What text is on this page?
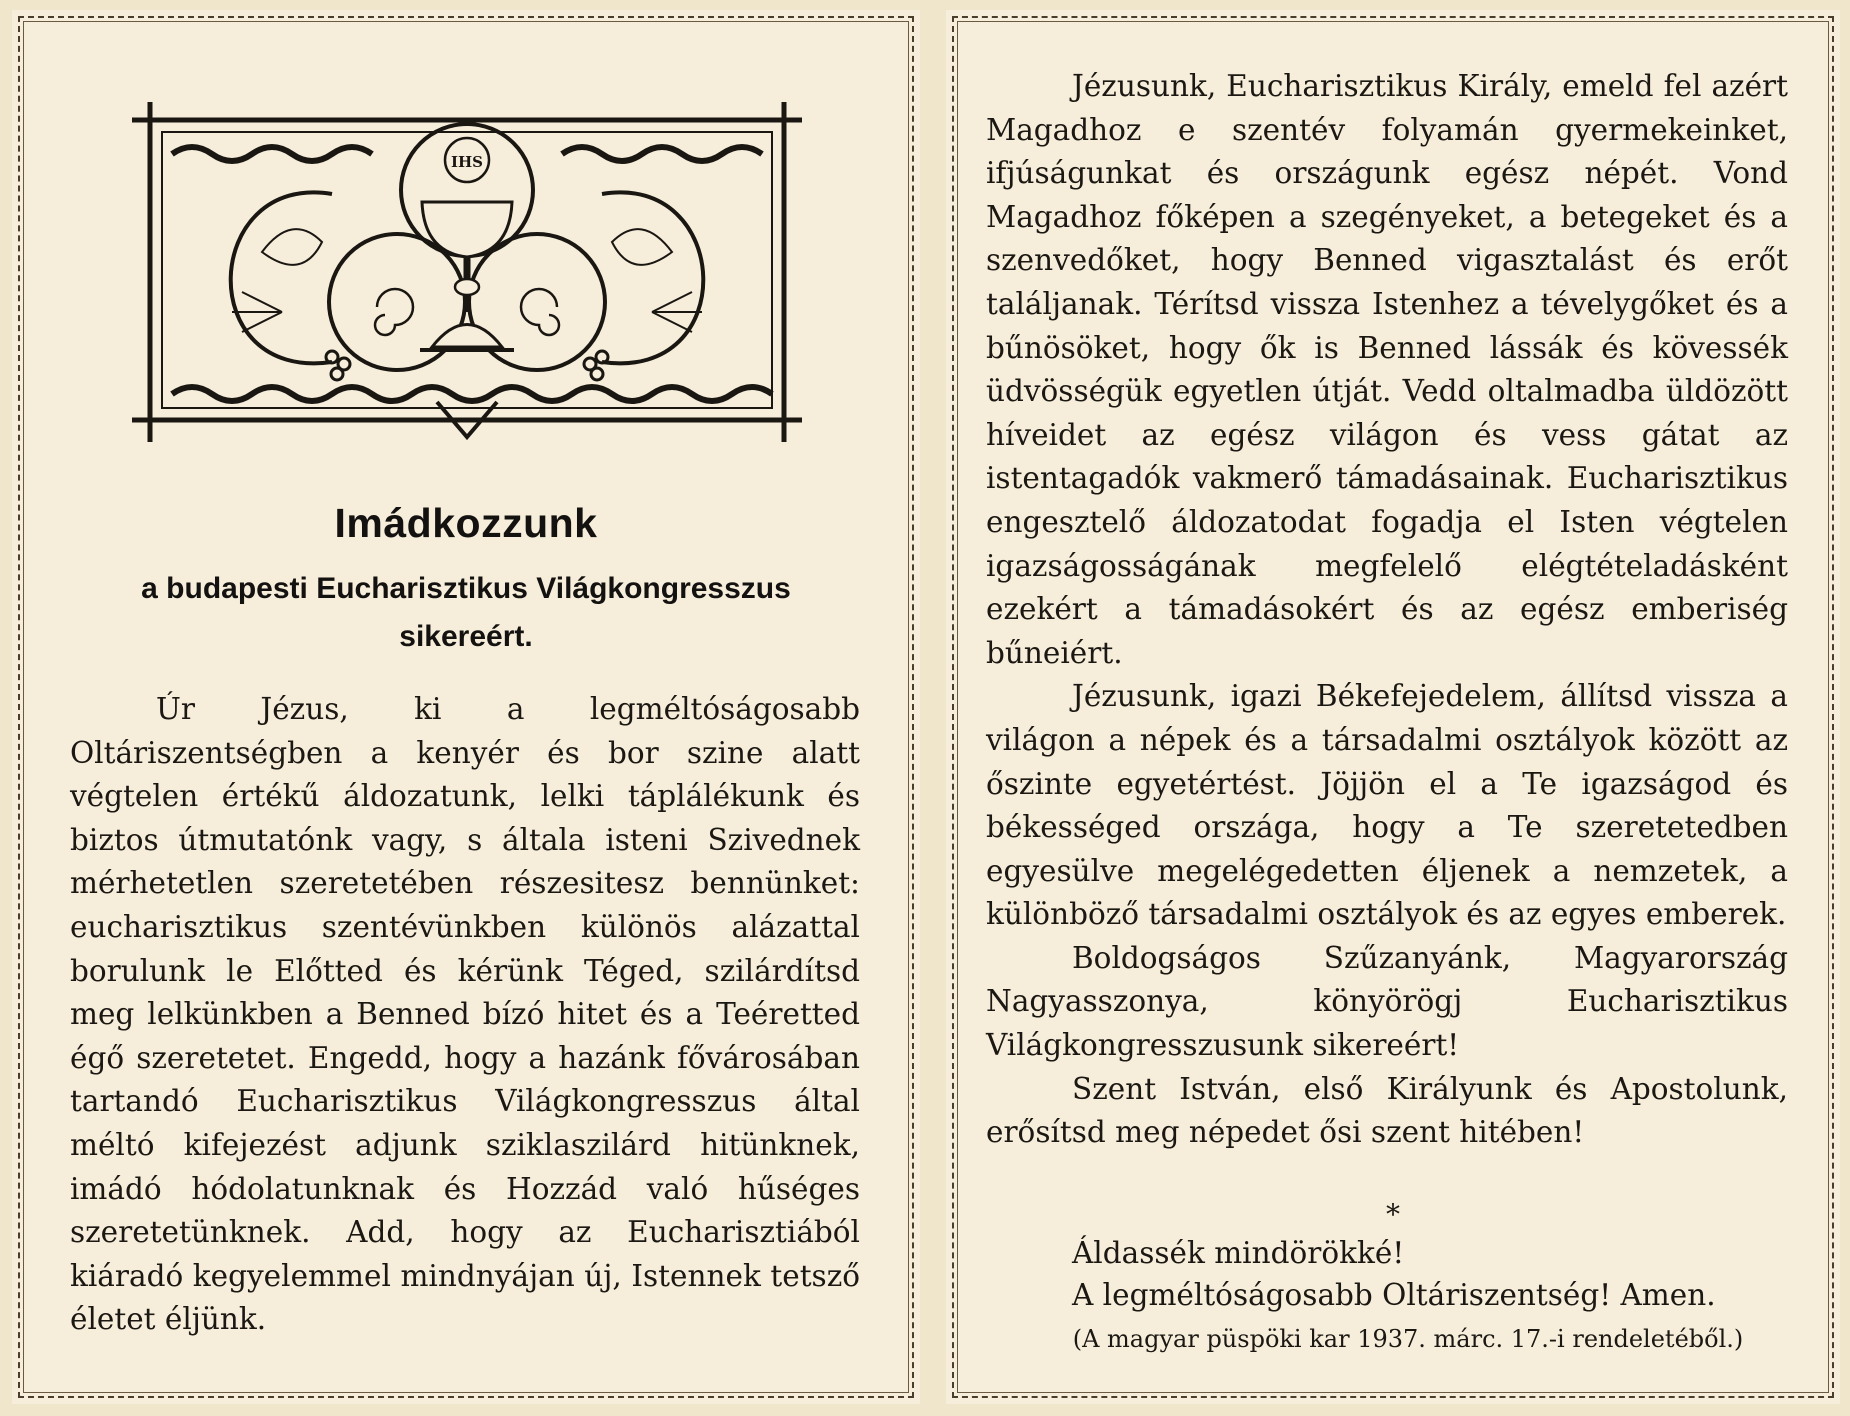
IHS
Imádkozzunk
a budapesti Eucharisztikus Világkongresszus
sikereért.

Úr Jézus, ki a legméltóságosabb Oltáriszentségben a kenyér és bor szine alatt végtelen értékű áldozatunk, lelki táplálékunk és biztos útmutatónk vagy, s általa isteni Szivednek mérhetetlen szeretetében részesitesz bennünket: eucharisztikus szentévünkben különös alázattal borulunk le Előtted és kérünk Téged, szilárdítsd meg lelkünkben a Benned bízó hitet és a Teéretted égő szeretetet. Engedd, hogy a hazánk fővárosában tartandó Eucharisztikus Világkongresszus által méltó kifejezést adjunk sziklaszilárd hitünknek, imádó hódolatunknak és Hozzád való hűséges szeretetünknek. Add, hogy az Eucharisztiából kiáradó kegyelemmel mindnyájan új, Istennek tetsző életet éljünk.

Jézusunk, Eucharisztikus Király, emeld fel azért Magadhoz e szentév folyamán gyermekeinket, ifjúságunkat és országunk egész népét. Vond Magadhoz főképen a szegényeket, a betegeket és a szenvedőket, hogy Benned vigasztalást és erőt találjanak. Térítsd vissza Istenhez a tévelygőket és a bűnösöket, hogy ők is Benned lássák és kövessék üdvösségük egyetlen útját. Vedd oltalmadba üldözött híveidet az egész világon és vess gátat az istentagadók vakmerő támadásainak. Eucharisztikus engesztelő áldozatodat fogadja el Isten végtelen igazságosságának megfelelő elégtételadásként ezekért a támadásokért és az egész emberiség bűneiért.

Jézusunk, igazi Békefejedelem, állítsd vissza a világon a népek és a társadalmi osztályok között az őszinte egyetértést. Jöjjön el a Te igazságod és békességed országa, hogy a Te szeretetedben egyesülve megelégedetten éljenek a nemzetek, a különböző társadalmi osztályok és az egyes emberek.

Boldogságos Szűzanyánk, Magyarország Nagyasszonya, könyörögj Eucharisztikus Világkongresszusunk sikereért!

Szent István, első Királyunk és Apostolunk, erősítsd meg népedet ősi szent hitében!

*
Áldassék mindörökké!
A legméltóságosabb Oltáriszentség! Amen.
(A magyar püspöki kar 1937. márc. 17.-i rendeletéből.)
